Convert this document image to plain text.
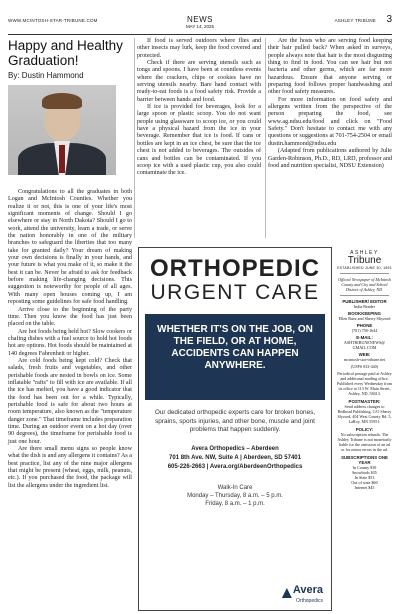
WWW.MCINTOSH-STAR-TRIBUNE.COM	NEWS
MAY 14, 2025
ASHLEY TRIBUNE 3
Happy and Healthy Graduation!
By: Dustin Hammond

Congratulations to all the graduates in both Logan and McIntosh Counties. Whether you realize it or not, this is one of your life's most significant moments of change. Should I go elsewhere or stay in North Dakota? Should I go to work, attend the university, learn a trade, or serve the nation honorably in one of the military branches to safeguard the liberties that too many take for granted daily? Your dream of making your own decisions is finally in your hands, and your future is what you make of it, so make it the best it can be. Never be afraid to ask for feedback before making life-changing decisions. This suggestion is noteworthy for people of all ages. With many open houses coming up, I am reposting some guidelines for safe food handling.

Arrive close to the beginning of the party time. Then you know the food has just been placed on the table.

Are hot foods being held hot? Slow cookers or chafing dishes with a fuel source to hold hot foods hot are options. Hot foods should be maintained at 140 degrees Fahrenheit or higher.

Are cold foods being kept cold? Check that salads, fresh fruits and vegetables, and other perishable foods are nested in bowls on ice. Some inflatable "rafts" to fill with ice are available. If all the ice has melted, you have a good indicator that the food has been out for a while. Typically, perishable food is safe for about two hours at room temperature, also known as the "temperature danger zone." That timeframe includes preparation time. During an outdoor event on a hot day (over 90 degrees), the timeframe for perishable food is just one hour.

Are there small menu signs so people know what the dish is and any allergens it contains? As a best practice, list any of the nine major allergens that might be present (wheat, eggs, milk, peanuts, etc.). If you purchased the food, the package will list the allergens under the ingredient list.

If food is served outdoors where flies and other insects may lurk, keep the food covered and protected.

Check if there are serving utensils such as tongs and spoons. I have been at countless events where the crackers, chips or cookies have no serving utensils nearby. Bare hand contact with ready-to-eat foods is a food safety risk. Provide a barrier between hands and food.

If ice is provided for beverages, look for a large spoon or plastic scoop. You do not want people using glassware to scoop ice, or you could have a physical hazard from the ice in your beverage. Remember that ice is food. If cans or bottles are kept in an ice chest, be sure that the ice chest is not added to beverages. The outsides of cans and bottles can be contaminated. If you scoop ice with a used plastic cup, you also could contaminate the ice.

Are the hosts who are serving food keeping their hair pulled back? When asked in surveys, people always note that hair is the most disgusting thing to find in food. You can see hair but not bacteria and other germs, which are far more hazardous. Ensure that anyone serving or preparing food follows proper handwashing and other food safety measures.

For more information on food safety and allergens written from the perspective of the person preparing the food, see www.ag.ndsu.edu/food and click on "Food Safety." Don't hesitate to contact me with any questions or suggestions at 701-754-2504 or email dustin.hammond@ndsu.edu

(Adapted from publications authored by Julie Garden-Robinson, Ph.D., RD, LRD, professor and food and nutrition specialist, NDSU Extension)

ORTHOPEDIC
URGENT CARE
WHETHER IT'S ON THE JOB, ON THE FIELD, OR AT HOME, ACCIDENTS CAN HAPPEN ANYWHERE.
Our dedicated orthopedic experts care for broken bones, sprains, sports injuries, and other bone, muscle and joint problems that happen suddenly.
Avera Orthopedics – Aberdeen
701 8th Ave. NW, Suite A | Aberdeen, SD 57401
605-226-2663 | Avera.org/AberdeenOrthopedics
Walk-In Care
Monday – Thursday, 8 a.m. – 5 p.m.
Friday, 8 a.m. – 1 p.m.
Avera
Orthopedics
ASHLEY
Tribune
ESTABLISHED JUNE 30, 1891
Official Newspaper of McIntosh County and City and School District of Ashley, ND.
PUBLISHER/ EDITOR
India Bender
BOOKKEEPING
Ellen Ruez and Sherry Sliyzord
PHONE
(701) 758-1644
E-MAIL:
ASHTRIBUNENEWS@ GMAIL.COM
WEB:
mcintosh-star-tribune.net
(USPS 033-440)
Periodical postage paid at Ashley and additional mailing office. Published every Wednesday from its office at 113 W. Main Street, Ashley, ND, 58413.
POSTMASTER:
Send address changes to Redhead Publishing, C/O Sherry Slyzord, 404 West County Rd. 5, LaRoy, MN 55951.
POLICY:
No subscription refunds. The Ashley Tribune is not monetarily liable for the omission of an ad or for minor errors in the ad.
SUBSCRIPTIONS ONE YEAR
In County $39
Snowbirds $35
In State $53
Out of state $60
Internet $45
